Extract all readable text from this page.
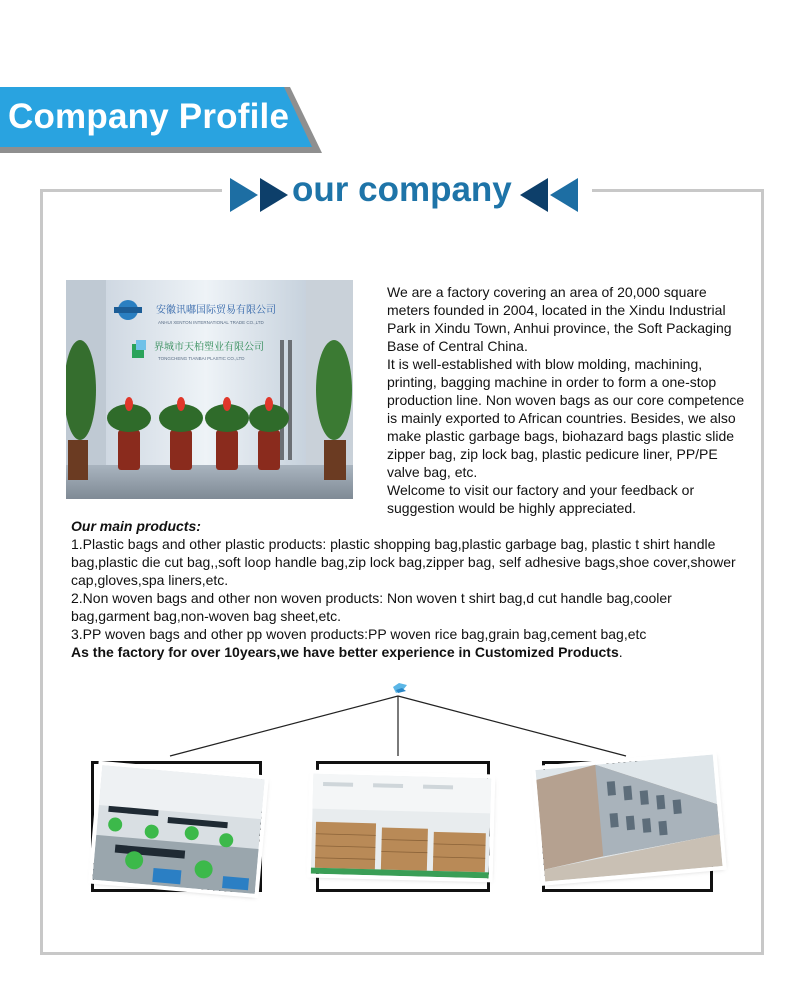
Company Profile
our company
安徽讯嘟国际贸易有限公司
ANHUI XENTON INTERNATIONAL TRADE CO.,LTD
界城市天柏塑业有限公司
TONGCHENG TIANBAI PLASTIC CO.,LTD

We are a factory covering an area of 20,000 square meters founded in 2004, located in the Xindu Industrial Park in Xindu Town, Anhui province, the Soft Packaging Base of Central China.

It is well-established with blow molding, machining, printing, bagging machine in order to form a one-stop production line. Non woven bags as our core competence is mainly exported to African countries. Besides, we also make plastic garbage bags, biohazard bags plastic slide zipper bag, zip lock bag, plastic pedicure liner, PP/PE valve bag, etc.

Welcome to visit our factory and your feedback or suggestion would be highly appreciated.

Our main products:

1.Plastic bags and other plastic products: plastic shopping bag,plastic garbage bag, plastic t shirt handle bag,plastic die cut bag,,soft loop handle bag,zip lock bag,zipper bag, self adhesive bags,shoe cover,shower cap,gloves,spa liners,etc.

2.Non woven bags and other non woven products: Non woven t shirt bag,d cut handle bag,cooler bag,garment bag,non-woven bag sheet,etc.

3.PP woven bags and other pp woven products:PP woven rice bag,grain bag,cement bag,etc

As the factory for over 10years,we have better experience in Customized Products.
